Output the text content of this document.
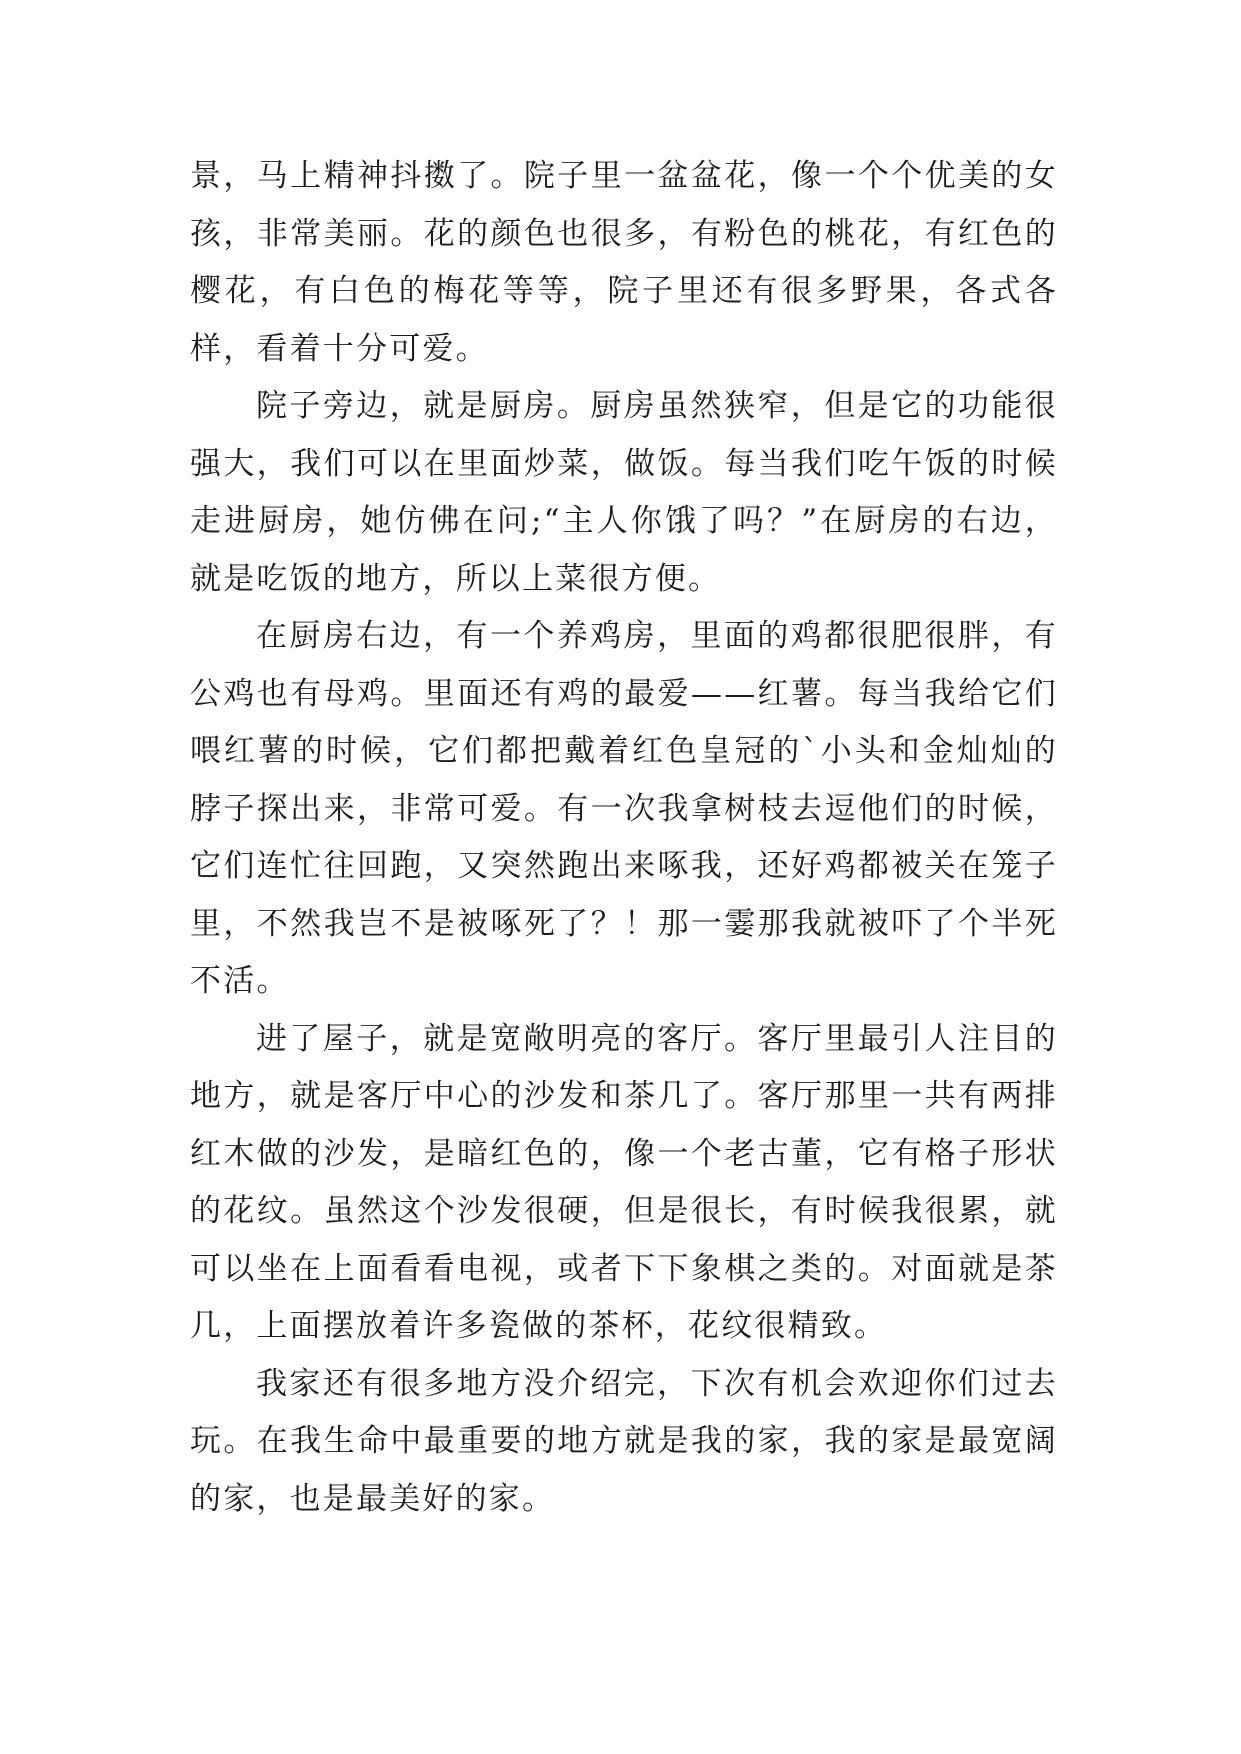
景，马上精神抖擞了。院子里一盆盆花，像一个个优美的女孩，非常美丽。花的颜色也很多，有粉色的桃花，有红色的樱花，有白色的梅花等等，院子里还有很多野果，各式各样，看着十分可爱。

院子旁边，就是厨房。厨房虽然狭窄，但是它的功能很强大，我们可以在里面炒菜，做饭。每当我们吃午饭的时候走进厨房，她仿佛在问;“主人你饿了吗？”在厨房的右边，就是吃饭的地方，所以上菜很方便。

在厨房右边，有一个养鸡房，里面的鸡都很肥很胖，有公鸡也有母鸡。里面还有鸡的最爱——红薯。每当我给它们喂红薯的时候，它们都把戴着红色皇冠的`小头和金灿灿的脖子探出来，非常可爱。有一次我拿树枝去逗他们的时候，它们连忙往回跑，又突然跑出来啄我，还好鸡都被关在笼子里，不然我岂不是被啄死了？！那一霎那我就被吓了个半死不活。

进了屋子，就是宽敞明亮的客厅。客厅里最引人注目的地方，就是客厅中心的沙发和茶几了。客厅那里一共有两排红木做的沙发，是暗红色的，像一个老古董，它有格子形状的花纹。虽然这个沙发很硬，但是很长，有时候我很累，就可以坐在上面看看电视，或者下下象棋之类的。对面就是茶几，上面摆放着许多瓷做的茶杯，花纹很精致。

我家还有很多地方没介绍完，下次有机会欢迎你们过去玩。在我生命中最重要的地方就是我的家，我的家是最宽阔的家，也是最美好的家。
